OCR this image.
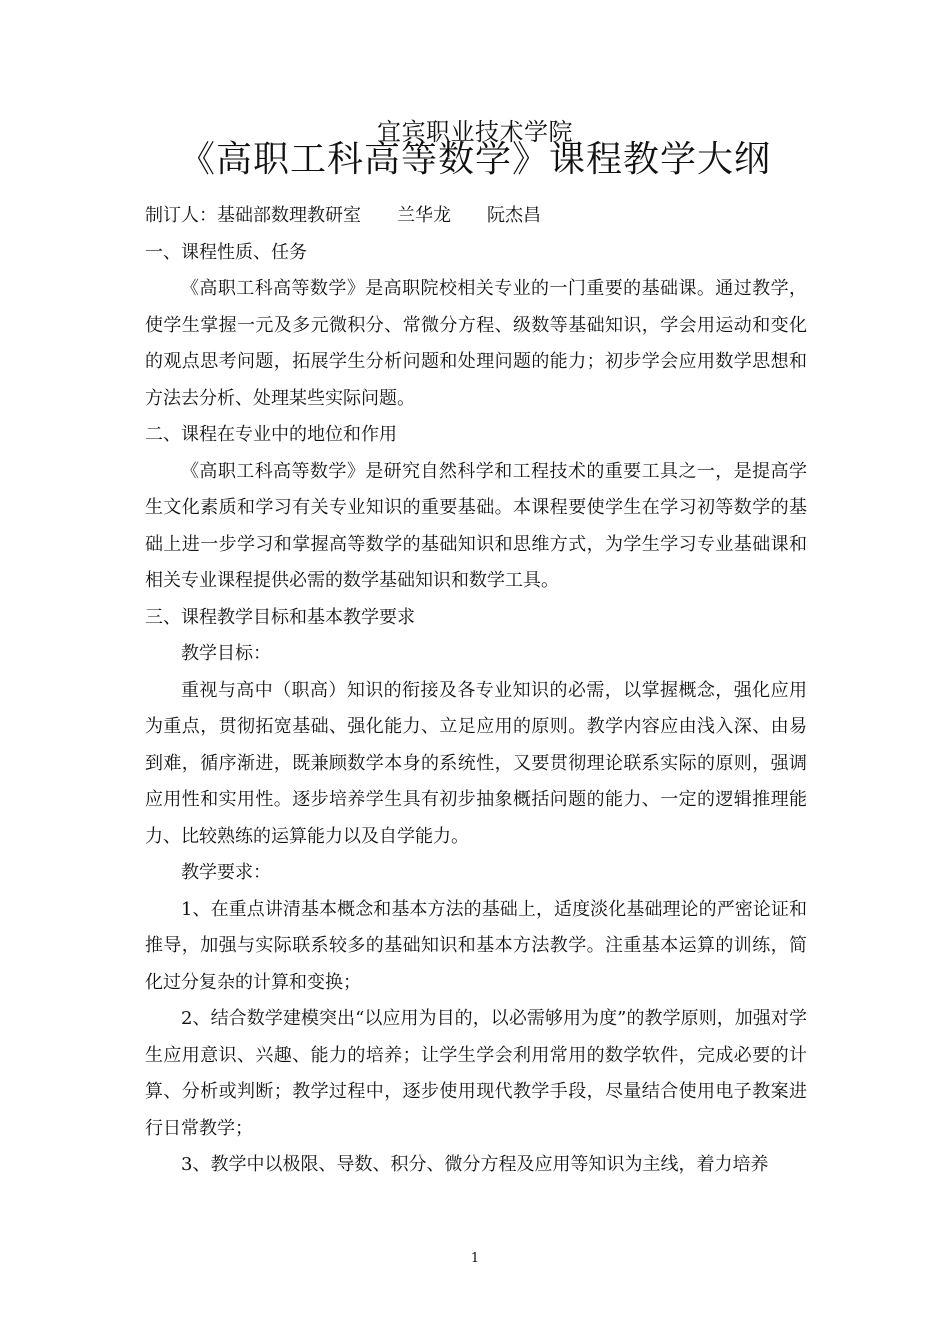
宜宾职业技术学院
《高职工科高等数学》课程教学大纲
制订人：基础部数理教研室　　兰华龙　　阮杰昌
一、课程性质、任务
《高职工科高等数学》是高职院校相关专业的一门重要的基础课。通过教学，使学生掌握一元及多元微积分、常微分方程、级数等基础知识，学会用运动和变化的观点思考问题，拓展学生分析问题和处理问题的能力；初步学会应用数学思想和方法去分析、处理某些实际问题。
二、课程在专业中的地位和作用
《高职工科高等数学》是研究自然科学和工程技术的重要工具之一，是提高学生文化素质和学习有关专业知识的重要基础。本课程要使学生在学习初等数学的基础上进一步学习和掌握高等数学的基础知识和思维方式，为学生学习专业基础课和相关专业课程提供必需的数学基础知识和数学工具。
三、课程教学目标和基本教学要求
教学目标：
重视与高中（职高）知识的衔接及各专业知识的必需，以掌握概念，强化应用为重点，贯彻拓宽基础、强化能力、立足应用的原则。教学内容应由浅入深、由易到难，循序渐进，既兼顾数学本身的系统性，又要贯彻理论联系实际的原则，强调应用性和实用性。逐步培养学生具有初步抽象概括问题的能力、一定的逻辑推理能力、比较熟练的运算能力以及自学能力。
教学要求：
1、在重点讲清基本概念和基本方法的基础上，适度淡化基础理论的严密论证和推导，加强与实际联系较多的基础知识和基本方法教学。注重基本运算的训练，简化过分复杂的计算和变换；
2、结合数学建模突出“以应用为目的，以必需够用为度”的教学原则，加强对学生应用意识、兴趣、能力的培养；让学生学会利用常用的数学软件，完成必要的计算、分析或判断；教学过程中，逐步使用现代教学手段，尽量结合使用电子教案进行日常教学；
3、教学中以极限、导数、积分、微分方程及应用等知识为主线，着力培养
1
